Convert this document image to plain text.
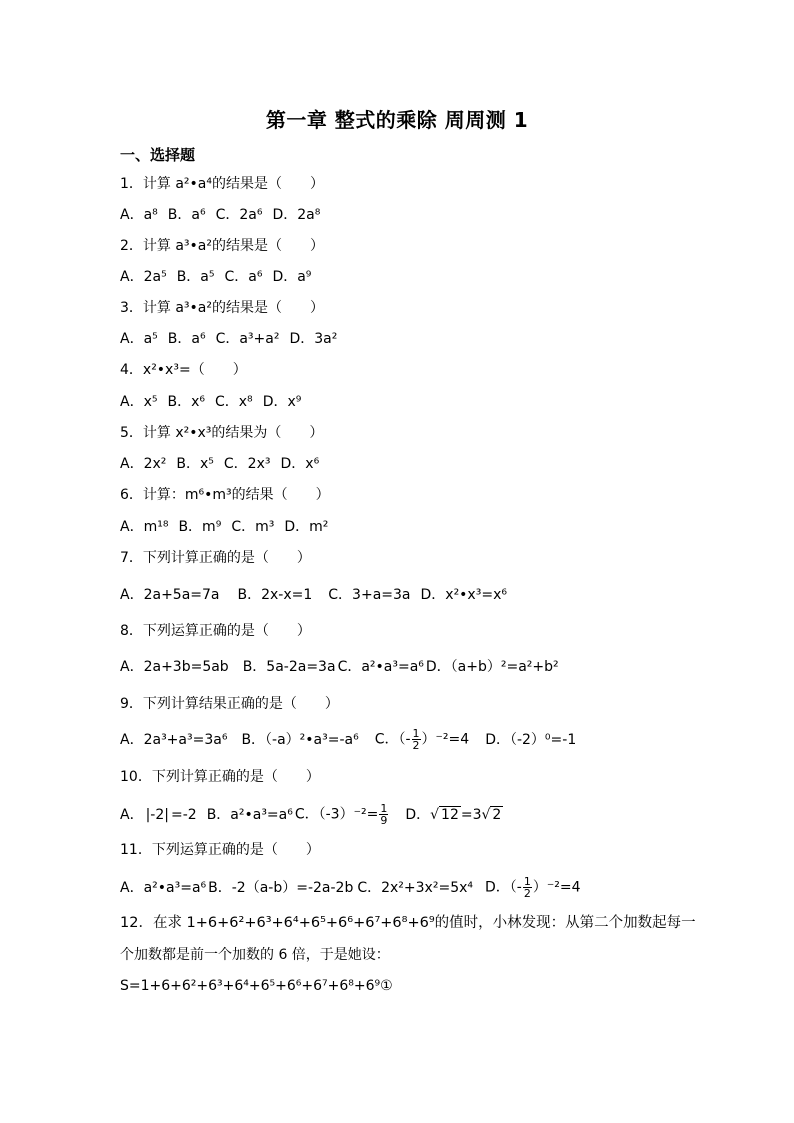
第一章 整式的乘除 周周测 1
一、选择题
1．计算 a²•a⁴的结果是（　　）
A．a⁸ B．a⁶ C．2a⁶ D．2a⁸
2．计算 a³•a²的结果是（　　）
A．2a⁵ B．a⁵ C．a⁶ D．a⁹
3．计算 a³•a²的结果是（　　）
A．a⁵ B．a⁶ C．a³+a² D．3a²
4．x²•x³=（　　）
A．x⁵ B．x⁶ C．x⁸ D．x⁹
5．计算 x²•x³的结果为（　　）
A．2x² B．x⁵ C．2x³ D．x⁶
6．计算：m⁶•m³的结果（　　）
A．m¹⁸ B．m⁹ C．m³ D．m²
7．下列计算正确的是（　　）
A．2a+5a=7a B．2x-x=1 C．3+a=3a D．x²•x³=x⁶
8．下列运算正确的是（　　）
A．2a+3b=5ab B．5a-2a=3a C．a²•a³=a⁶ D．（a+b）²=a²+b²
9．下列计算结果正确的是（　　）
A．2a³+a³=3a⁶ B．（-a）²•a³=-a⁶ C．（- $\frac{1}{2} )^{-2}=4$ D．（-2）⁰=-1
10．下列计算正确的是（　　）
A． |-2| =-2 B．a²•a³=a⁶ C．$(-3)^{-2}= \frac{1}{9}$ D．√ 12 =3√ 2
11．下列运算正确的是（　　）
A．a²•a³=a⁶ B．-2（a-b）=-2a-2b C．2x²+3x²=5x⁴ D．（- $\frac{1}{2} )^{-2}=4$
12．在求 1+6+6²+6³+6⁴+6⁵+6⁶+6⁷+6⁸+6⁹的值时，小林发现：从第二个加数起每一
个加数都是前一个加数的 6 倍，于是她设：
S=1+6+6²+6³+6⁴+6⁵+6⁶+6⁷+6⁸+6⁹①
